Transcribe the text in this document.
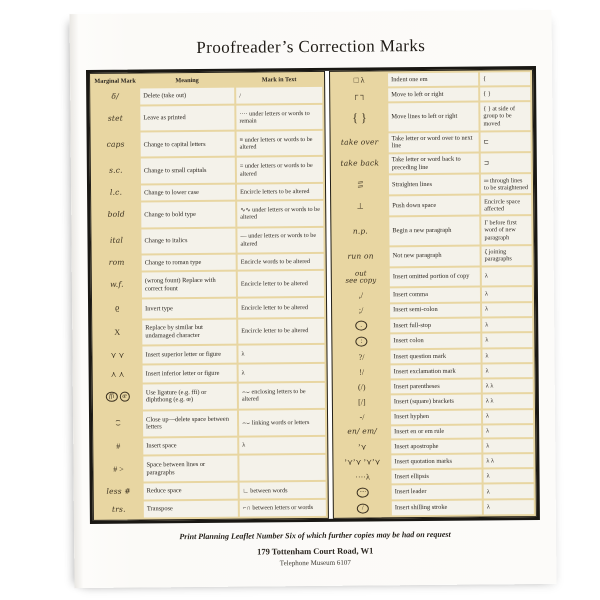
Proofreader’s Correction Marks
Marginal Mark	Meaning	Mark in Text
δ/	Delete (take out)	/
stet	Leave as printed	···· under letters or words to remain
caps	Change to capital letters	≡ under letters or words to be altered
s.c.	Change to small capitals	= under letters or words to be altered
l.c.	Change to lower case	Encircle letters to be altered
bold	Change to bold type	∿∿ under letters or words to be altered
ital	Change to italics	— under letters or words to be altered
rom	Change to roman type	Encircle words to be altered
w.f.	(wrong fount) Replace with correct fount	Encircle letter to be altered
9	Invert type	Encircle letter to be altered
X	Replace by similar but undamaged character	Encircle letter to be altered
⋎ ⋎	Insert superior letter or figure	λ
⋏ ⋏	Insert inferior letter or figure	λ
ffi œ	Use ligature (e.g. ffi) or diphthong (e.g. œ)	⌢⌣ enclosing letters to be altered
⌢
⌣	Close up—delete space between letters	⌢⌣ linking words or letters
#	Insert space	λ
# >	Space between lines or paragraphs	
less #	Reduce space	∟ between words
trs.	Transpose	⌐∩ between letters or words
□ λ	Indent one em	{
┌ ┐	Move to left or right	{ }
{ }	Move lines to left or right	{ } at side of group to be moved
take over	Take letter or word over to next line	⊏
take back	Take letter or word back to preceding line	⊐
═
═	Straighten lines	═ through lines to be straightened
⊥	Push down space	Encircle space affected
n.p.	Begin a new paragraph	Γ before first word of new paragraph
run on	Not new paragraph	ζ joining paragraphs
out
see copy	Insert omitted portion of copy	λ
,/	Insert comma	λ
;/	Insert semi-colon	λ
.	Insert full-stop	λ
:	Insert colon	λ
?/	Insert question mark	λ
!/	Insert exclamation mark	λ
(/)	Insert parentheses	λ λ
[/]	Insert (square) brackets	λ λ
-/	Insert hyphen	λ
en/ em/	Insert en or em rule	λ
ʼ⋎	Insert apostrophe	λ
ʼ⋎ʼ⋎ ʼ⋎ʼ⋎	Insert quotation marks	λ λ
····λ	Insert ellipsis	λ
····	Insert leader	λ
/	Insert shilling stroke	λ
Print Planning Leaflet Number Six of which further copies may be had on request
179 Tottenham Court Road, W1
Telephone Museum 6107
